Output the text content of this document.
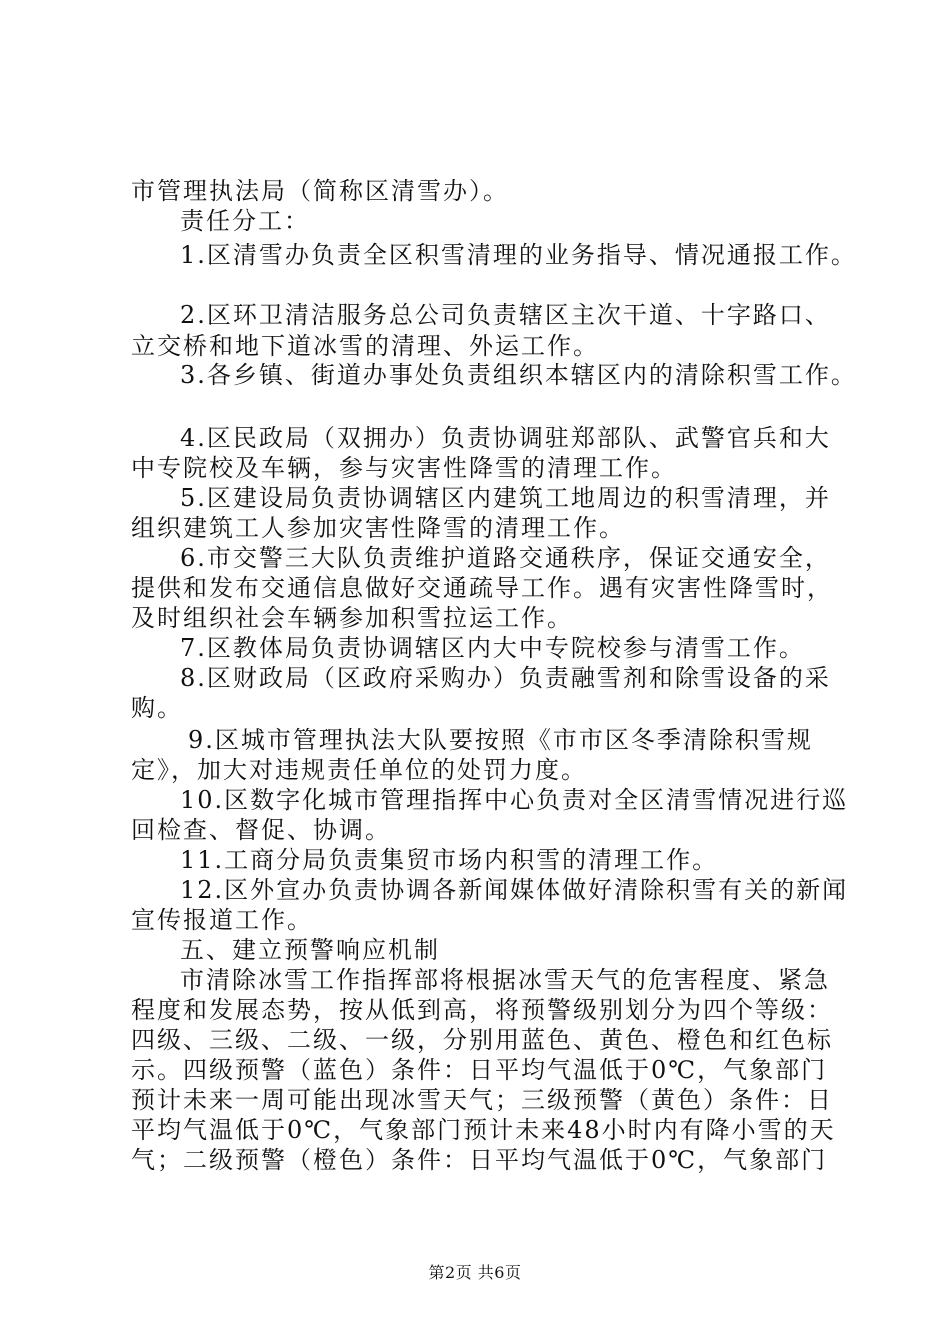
市管理执法局（简称区清雪办）。
责任分工：
1.区清雪办负责全区积雪清理的业务指导、情况通报工作。
2.区环卫清洁服务总公司负责辖区主次干道、十字路口、
立交桥和地下道冰雪的清理、外运工作。
3.各乡镇、街道办事处负责组织本辖区内的清除积雪工作。
4.区民政局（双拥办）负责协调驻郑部队、武警官兵和大
中专院校及车辆，参与灾害性降雪的清理工作。
5.区建设局负责协调辖区内建筑工地周边的积雪清理，并
组织建筑工人参加灾害性降雪的清理工作。
6.市交警三大队负责维护道路交通秩序，保证交通安全，
提供和发布交通信息做好交通疏导工作。遇有灾害性降雪时，
及时组织社会车辆参加积雪拉运工作。
7.区教体局负责协调辖区内大中专院校参与清雪工作。
8.区财政局（区政府采购办）负责融雪剂和除雪设备的采
购。
9.区城市管理执法大队要按照《市市区冬季清除积雪规
定》，加大对违规责任单位的处罚力度。
10.区数字化城市管理指挥中心负责对全区清雪情况进行巡
回检查、督促、协调。
11.工商分局负责集贸市场内积雪的清理工作。
12.区外宣办负责协调各新闻媒体做好清除积雪有关的新闻
宣传报道工作。
五、建立预警响应机制
市清除冰雪工作指挥部将根据冰雪天气的危害程度、紧急
程度和发展态势，按从低到高，将预警级别划分为四个等级：
四级、三级、二级、一级，分别用蓝色、黄色、橙色和红色标
示。四级预警（蓝色）条件：日平均气温低于0℃，气象部门
预计未来一周可能出现冰雪天气；三级预警（黄色）条件：日
平均气温低于0℃，气象部门预计未来48小时内有降小雪的天
气；二级预警（橙色）条件：日平均气温低于0℃，气象部门
第2页 共6页
